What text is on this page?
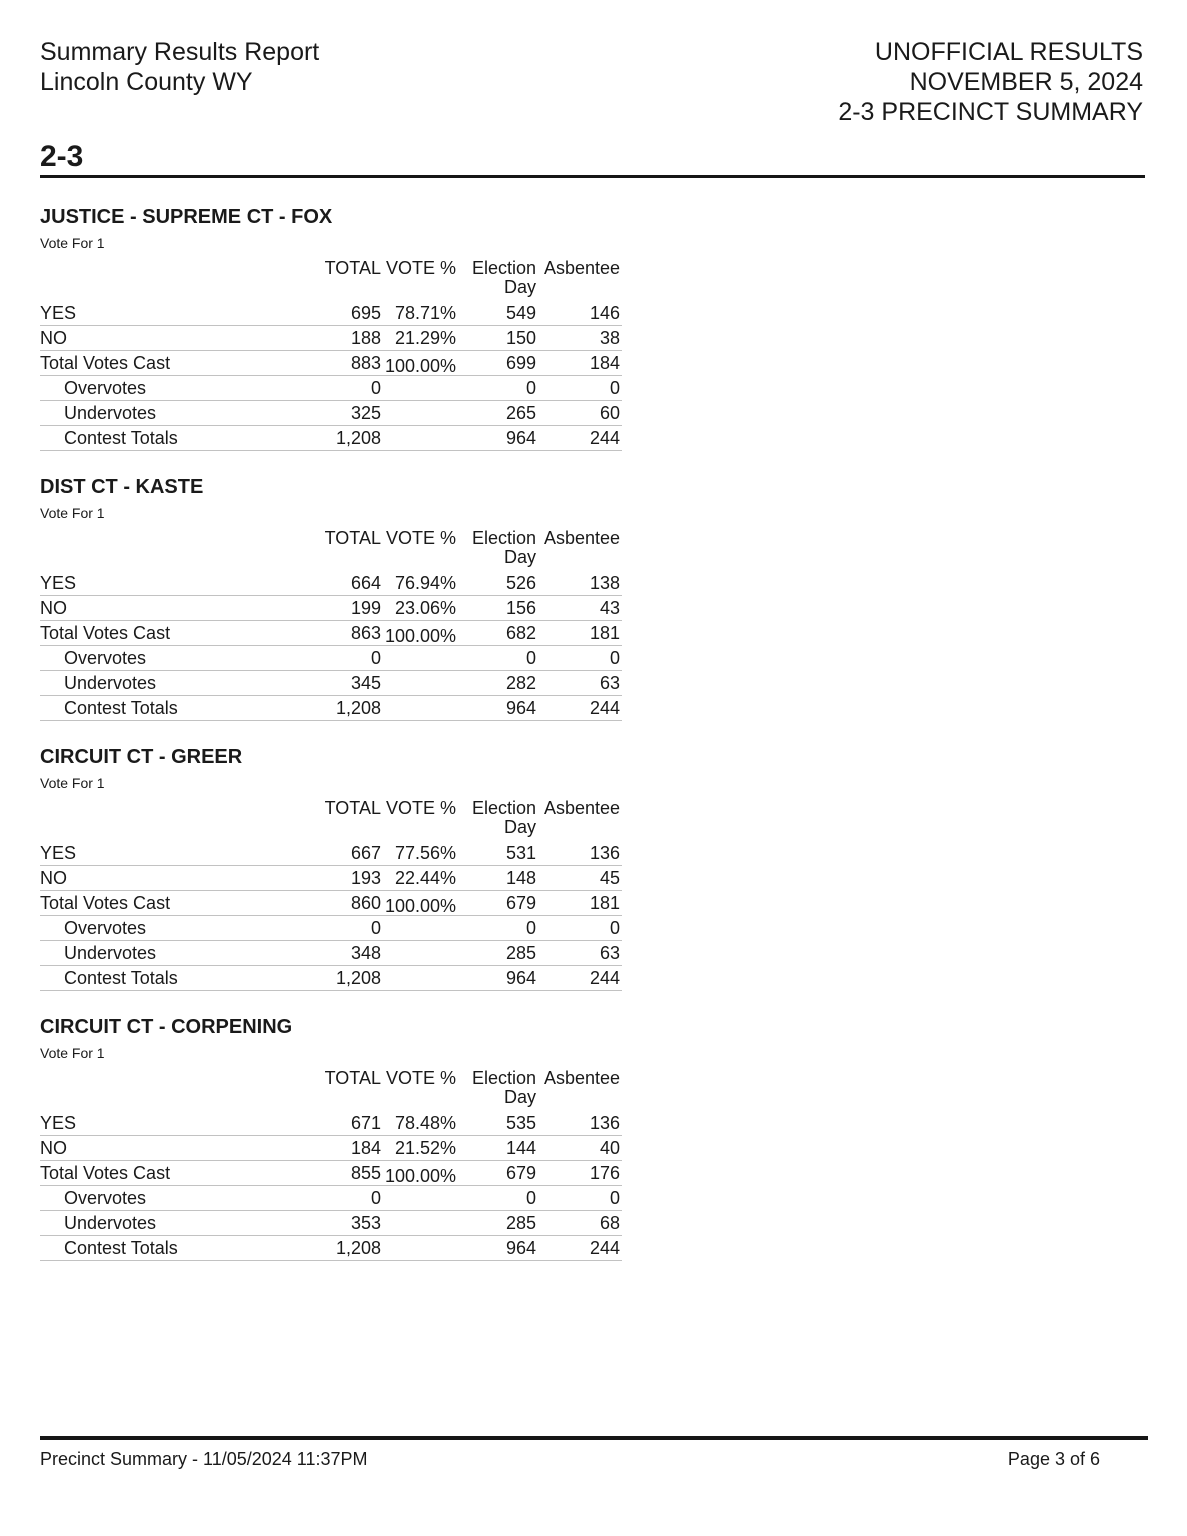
Summary Results Report
Lincoln County WY
UNOFFICIAL RESULTS
NOVEMBER 5, 2024
2-3 PRECINCT SUMMARY
2-3
JUSTICE - SUPREME CT - FOX
Vote For 1
	TOTAL	VOTE %	Election Day	Asbentee
YES	695	78.71%	549	146
NO	188	21.29%	150	38
Total Votes Cast	883	100.00%	699	184
Overvotes	0		0	0
Undervotes	325		265	60
Contest Totals	1,208		964	244
DIST CT - KASTE
Vote For 1
	TOTAL	VOTE %	Election Day	Asbentee
YES	664	76.94%	526	138
NO	199	23.06%	156	43
Total Votes Cast	863	100.00%	682	181
Overvotes	0		0	0
Undervotes	345		282	63
Contest Totals	1,208		964	244
CIRCUIT CT - GREER
Vote For 1
	TOTAL	VOTE %	Election Day	Asbentee
YES	667	77.56%	531	136
NO	193	22.44%	148	45
Total Votes Cast	860	100.00%	679	181
Overvotes	0		0	0
Undervotes	348		285	63
Contest Totals	1,208		964	244
CIRCUIT CT - CORPENING
Vote For 1
	TOTAL	VOTE %	Election Day	Asbentee
YES	671	78.48%	535	136
NO	184	21.52%	144	40
Total Votes Cast	855	100.00%	679	176
Overvotes	0		0	0
Undervotes	353		285	68
Contest Totals	1,208		964	244
Precinct Summary - 11/05/2024 11:37PM	Page 3 of 6
